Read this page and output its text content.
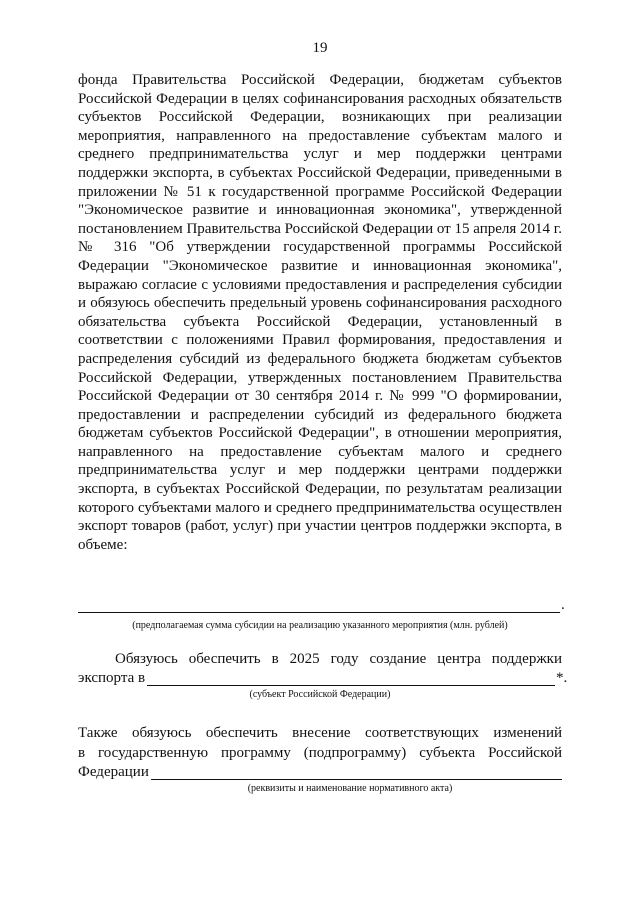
19

фонда Правительства Российской Федерации, бюджетам субъектов Российской Федерации в целях софинансирования расходных обязательств субъектов Российской Федерации, возникающих при реализации мероприятия, направленного на предоставление субъектам малого и среднего предпринимательства услуг и мер поддержки центрами поддержки экспорта, в субъектах Российской Федерации, приведенными в приложении № 51 к государственной программе Российской Федерации "Экономическое развитие и инновационная экономика", утвержденной постановлением Правительства Российской Федерации от 15 апреля 2014 г. № 316 "Об утверждении государственной программы Российской Федерации "Экономическое развитие и инновационная экономика", выражаю согласие с условиями предоставления и распределения субсидии и обязуюсь обеспечить предельный уровень софинансирования расходного обязательства субъекта Российской Федерации, установленный в соответствии с положениями Правил формирования, предоставления и распределения субсидий из федерального бюджета бюджетам субъектов Российской Федерации, утвержденных постановлением Правительства Российской Федерации от 30 сентября 2014 г. № 999 "О формировании, предоставлении и распределении субсидий из федерального бюджета бюджетам субъектов Российской Федерации", в отношении мероприятия, направленного на предоставление субъектам малого и среднего предпринимательства услуг и мер поддержки центрами поддержки экспорта, в субъектах Российской Федерации, по результатам реализации которого субъектами малого и среднего предпринимательства осуществлен экспорт товаров (работ, услуг) при участии центров поддержки экспорта, в объеме:

.
(предполагаемая сумма субсидии на реализацию указанного мероприятия (млн. рублей)
Обязуюсь обеспечить в 2025 году создание центра поддержки
экспорта в	*.
(субъект Российской Федерации)
Также обязуюсь обеспечить внесение соответствующих изменений
в государственную программу (подпрограмму) субъекта Российской
Федерации
(реквизиты и наименование нормативного акта)
